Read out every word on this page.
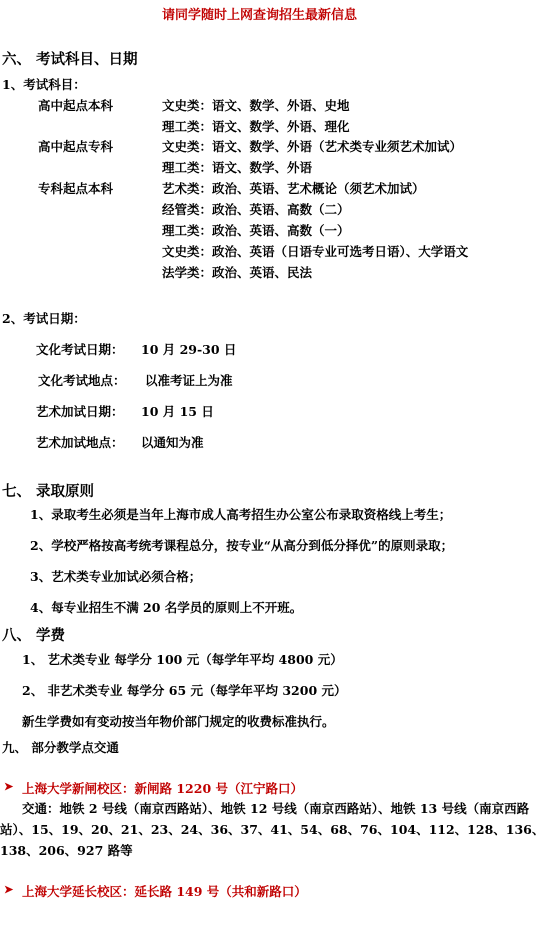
请同学随时上网查询招生最新信息
六、 考试科目、日期
1、考试科目：
高中起点本科	文史类：语文、数学、外语、史地
理工类：语文、数学、外语、理化
高中起点专科	文史类：语文、数学、外语（艺术类专业须艺术加试）
理工类：语文、数学、外语
专科起点本科	艺术类：政治、英语、艺术概论（须艺术加试）
经管类：政治、英语、高数（二）
理工类：政治、英语、高数（一）
文史类：政治、英语（日语专业可选考日语）、大学语文
法学类：政治、英语、民法
2、考试日期：
文化考试日期： 10 月 29-30 日
文化考试地点： 以准考证上为准
艺术加试日期： 10 月 15 日
艺术加试地点： 以通知为准
七、 录取原则
1、录取考生必须是当年上海市成人高考招生办公室公布录取资格线上考生；
2、学校严格按高考统考课程总分，按专业“从高分到低分择优”的原则录取；
3、艺术类专业加试必须合格；
4、每专业招生不满 20 名学员的原则上不开班。
八、 学费
1、 艺术类专业 每学分 100 元（每学年平均 4800 元）
2、 非艺术类专业 每学分 65 元（每学年平均 3200 元）
新生学费如有变动按当年物价部门规定的收费标准执行。
九、 部分教学点交通
➤ 上海大学新闸校区：新闸路 1220 号（江宁路口）
交通：地铁 2 号线（南京西路站）、地铁 12 号线（南京西路站）、地铁 13 号线（南京西路站）、15、19、20、21、23、24、36、37、41、54、68、76、104、112、128、136、138、206、927 路等
➤ 上海大学延长校区：延长路 149 号（共和新路口）
